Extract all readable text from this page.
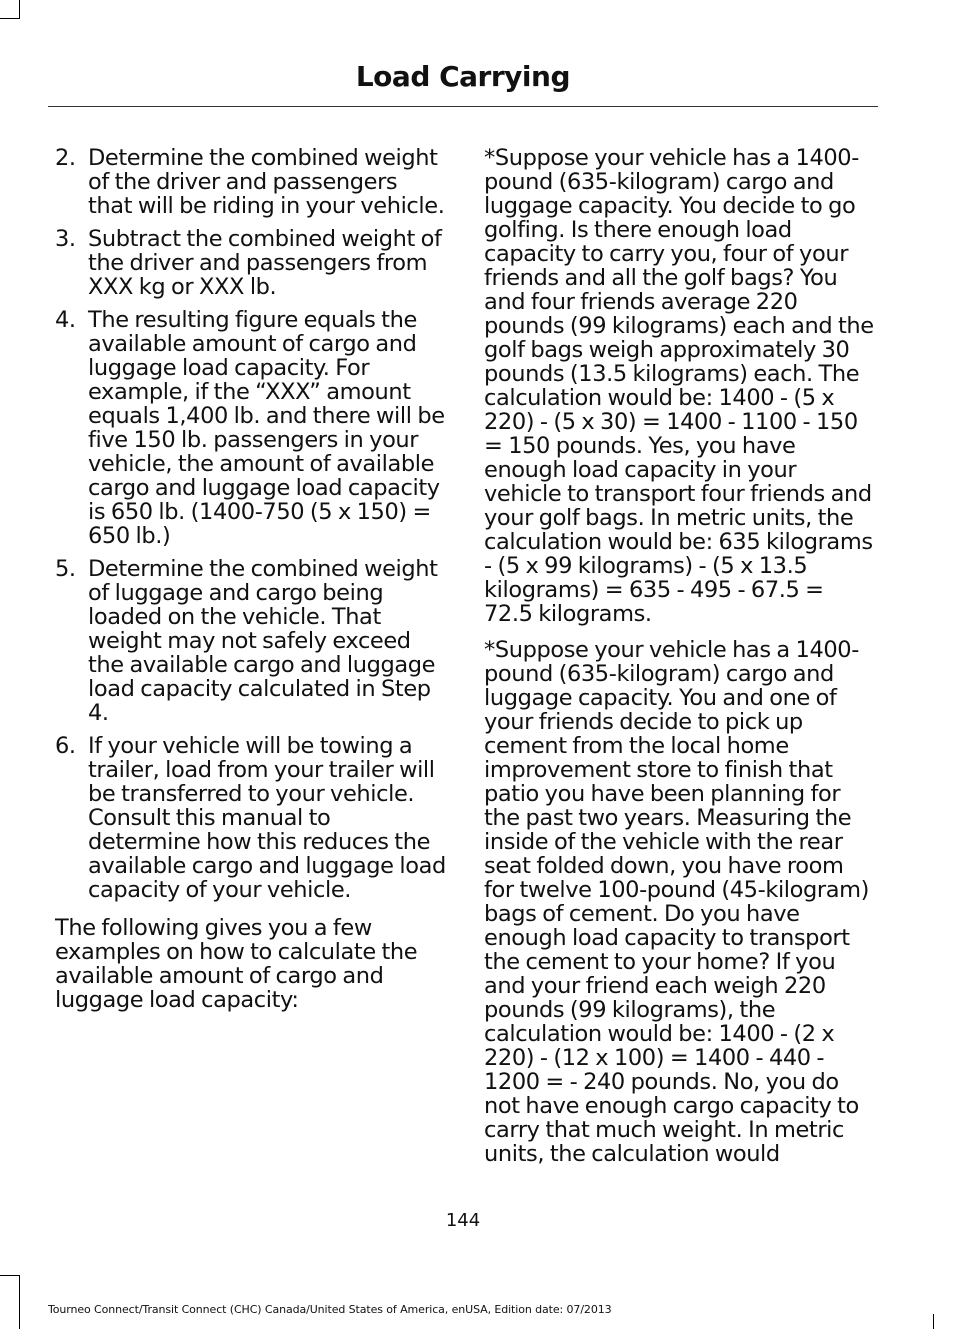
Load Carrying
2. Determine the combined weight of the driver and passengers that will be riding in your vehicle.
3. Subtract the combined weight of the driver and passengers from XXX kg or XXX lb.
4. The resulting figure equals the available amount of cargo and luggage load capacity. For example, if the “XXX” amount equals 1,400 lb. and there will be five 150 lb. passengers in your vehicle, the amount of available cargo and luggage load capacity is 650 lb. (1400-750 (5 x 150) = 650 lb.)
5. Determine the combined weight of luggage and cargo being loaded on the vehicle. That weight may not safely exceed the available cargo and luggage load capacity calculated in Step 4.
6. If your vehicle will be towing a trailer, load from your trailer will be transferred to your vehicle. Consult this manual to determine how this reduces the available cargo and luggage load capacity of your vehicle.

The following gives you a few examples on how to calculate the available amount of cargo and luggage load capacity:

*Suppose your vehicle has a 1400-pound (635-kilogram) cargo and luggage capacity. You decide to go golfing. Is there enough load capacity to carry you, four of your friends and all the golf bags? You and four friends average 220 pounds (99 kilograms) each and the golf bags weigh approximately 30 pounds (13.5 kilograms) each. The calculation would be: 1400 - (5 x 220) - (5 x 30) = 1400 - 1100 - 150 = 150 pounds. Yes, you have enough load capacity in your vehicle to transport four friends and your golf bags. In metric units, the calculation would be: 635 kilograms - (5 x 99 kilograms) - (5 x 13.5 kilograms) = 635 - 495 - 67.5 = 72.5 kilograms.

*Suppose your vehicle has a 1400-pound (635-kilogram) cargo and luggage capacity. You and one of your friends decide to pick up cement from the local home improvement store to finish that patio you have been planning for the past two years. Measuring the inside of the vehicle with the rear seat folded down, you have room for twelve 100-pound (45-kilogram) bags of cement. Do you have enough load capacity to transport the cement to your home? If you and your friend each weigh 220 pounds (99 kilograms), the calculation would be: 1400 - (2 x 220) - (12 x 100) = 1400 - 440 - 1200 = - 240 pounds. No, you do not have enough cargo capacity to carry that much weight. In metric units, the calculation would

144
Tourneo Connect/Transit Connect (CHC) Canada/United States of America, enUSA, Edition date: 07/2013
